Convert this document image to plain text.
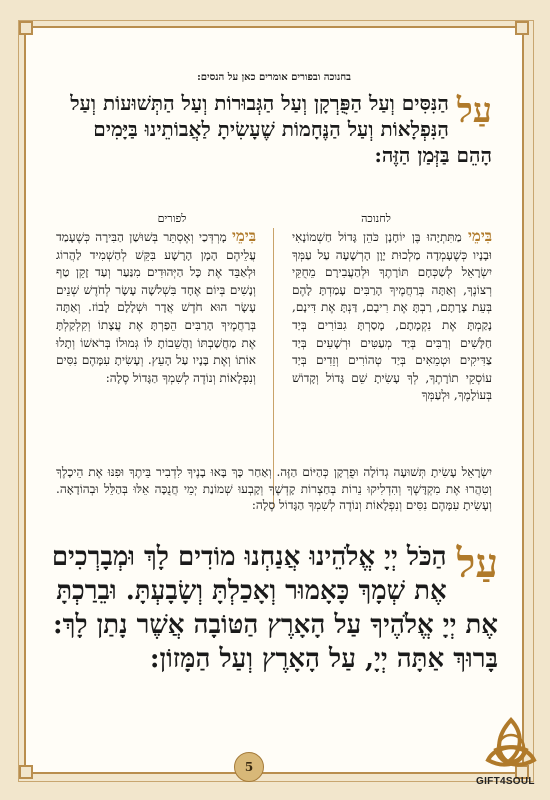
בחנוכה ובפורים אומרים כאן על הנסים:
עַל
הַנִּסִּים וְעַל הַפֻּרְקָן וְעַל הַגְּבוּרוֹת וְעַל הַתְּשׁוּעוֹת וְעַל הַנִּפְלָאוֹת וְעַל הַנֶּחָמוֹת שֶׁעָשִׂיתָ לַאֲבוֹתֵינוּ בַּיָּמִים הָהֵם בַּזְּמַן הַזֶּה:
לחנוכה
לפורים
בִּימֵי מַתִּתְיָהוּ בֶּן יוֹחָנָן כֹּהֵן גָּדוֹל חַשְׁמוֹנָאִי וּבָנָיו כְּשֶׁעָמְדָה מַלְכוּת יָוָן הָרְשָׁעָה עַל עַמְּךָ יִשְׂרָאֵל לְשַׁכְּחָם תּוֹרָתֶךָ וּלְהַעֲבִירָם מֵחֻקֵּי רְצוֹנֶךָ, וְאַתָּה בְּרַחֲמֶיךָ הָרַבִּים עָמַדְתָּ לָהֶם בְּעֵת צָרָתָם, רַבְתָּ אֶת רִיבָם, דַּנְתָּ אֶת דִּינָם, נָקַמְתָּ אֶת נִקְמָתָם, מָסַרְתָּ גִבּוֹרִים בְּיַד חַלָּשִׁים וְרַבִּים בְּיַד מְעַטִּים וּרְשָׁעִים בְּיַד צַדִּיקִים וּטְמֵאִים בְּיַד טְהוֹרִים וְזֵדִים בְּיַד עוֹסְקֵי תוֹרָתֶךָ, לְךָ עָשִׂיתָ שֵׁם גָּדוֹל וְקָדוֹשׁ בְּעוֹלָמֶךָ, וּלְעַמְּךָ
בִּימֵי מָרְדְּכַי וְאֶסְתֵּר בְּשׁוּשַׁן הַבִּירָה כְּשֶׁעָמַד עֲלֵיהֶם הָמָן הָרָשָׁע בִּקֵּשׁ לְהַשְׁמִיד לַהֲרוֹג וּלְאַבֵּד אֶת כָּל הַיְּהוּדִים מִנַּעַר וְעַד זָקֵן טַף וְנָשִׁים בְּיוֹם אֶחָד בִּשְׁלֹשָׁה עָשָׂר לְחֹדֶשׁ שְׁנֵים עָשָׂר הוּא חֹדֶשׁ אֲדָר וּשְׁלָלָם לָבוֹז. וְאַתָּה בְּרַחֲמֶיךָ הָרַבִּים הֵפַרְתָּ אֶת עֲצָתוֹ וְקִלְקַלְתָּ אֶת מַחֲשַׁבְתּוֹ וַהֲשֵׁבוֹתָ לּוֹ גְּמוּלוֹ בְּרֹאשׁוֹ וְתָלוּ אוֹתוֹ וְאֶת בָּנָיו עַל הָעֵץ. וְעָשִׂיתָ עִמָּהֶם נִסִּים וְנִפְלָאוֹת וְנוֹדֶה לְשִׁמְךָ הַגָּדוֹל סֶלָה:
יִשְׂרָאֵל עָשִׂיתָ תְּשׁוּעָה גְדוֹלָה וּפֻרְקָן כְּהַיּוֹם הַזֶּה. וְאַחַר כָּךְ בָּאוּ בָנֶיךָ לִדְבִיר בֵּיתֶךָ וּפִנּוּ אֶת הֵיכָלֶךָ וְטִהֲרוּ אֶת מִקְדָּשֶׁךָ וְהִדְלִיקוּ נֵרוֹת בְּחַצְרוֹת קָדְשֶׁךָ וְקָבְעוּ שְׁמוֹנַת יְמֵי חֲנֻכָּה אֵלּוּ בְּהַלֵּל וּבְהוֹדָאָה. וְעָשִׂיתָ עִמָּהֶם נִסִּים וְנִפְלָאוֹת וְנוֹדֶה לְשִׁמְךָ הַגָּדוֹל סֶלָה:
עַל
הַכֹּל יְיָ אֱלֹהֵינוּ אֲנַחְנוּ מוֹדִים לָךְ וּמְבָרְכִים אֶת שְׁמָךְ כָּאָמוּר וְאָכַלְתָּ וְשָׂבָעְתָּ. וּבֵרַכְתָּ אֶת יְיָ אֱלֹהֶיךָ עַל הָאָרֶץ הַטּוֹבָה אֲשֶׁר נָתַן לָךְ: בָּרוּךְ אַתָּה יְיָ, עַל הָאָרֶץ וְעַל הַמָּזוֹן:
5
GIFT4SOUL
